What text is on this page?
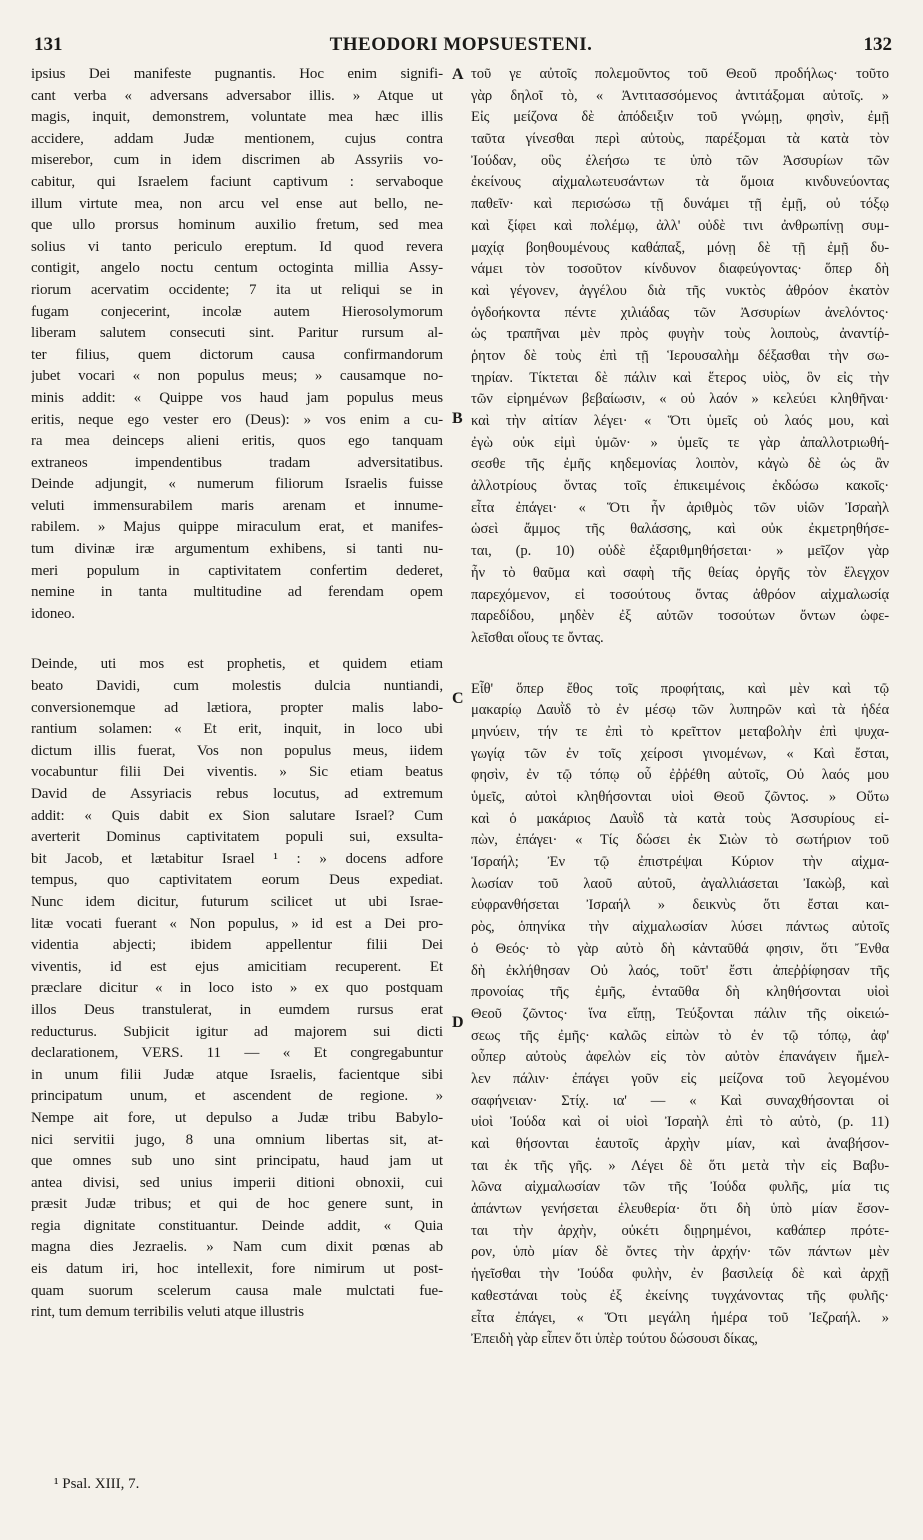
131	THEODORI MOPSUESTENI.	132
ipsius Dei manifeste pugnantis. Hoc enim signifi-
cant verba « adversans adversabor illis. » Atque ut
magis, inquit, demonstrem, voluntate mea hæc illis
accidere, addam Judæ mentionem, cujus contra
miserebor, cum in idem discrimen ab Assyriis vo-
cabitur, qui Israelem faciunt captivum : servaboque
illum virtute mea, non arcu vel ense aut bello, ne-
que ullo prorsus hominum auxilio fretum, sed mea
solius vi tanto periculo ereptum. Id quod revera
contigit, angelo noctu centum octoginta millia Assy-
riorum acervatim occidente; 7 ita ut reliqui se in
fugam conjecerint, incolæ autem Hierosolymorum
liberam salutem consecuti sint. Paritur rursum al-
ter filius, quem dictorum causa confirmandorum
jubet vocari « non populus meus; » causamque no-
minis addit: « Quippe vos haud jam populus meus
eritis, neque ego vester ero (Deus): » vos enim a cu-
ra mea deinceps alieni eritis, quos ego tanquam
extraneos impendentibus tradam adversitatibus.
Deinde adjungit, « numerum filiorum Israelis fuisse
veluti immensurabilem maris arenam et innume-
rabilem. » Majus quippe miraculum erat, et manifes-
tum divinæ iræ argumentum exhibens, si tanti nu-
meri populum in captivitatem confertim dederet,
nemine in tanta multitudine ad ferendam opem
idoneo.
Deinde, uti mos est prophetis, et quidem etiam
beato Davidi, cum molestis dulcia nuntiandi,
conversionemque ad lætiora, propter malis labo-
rantium solamen: « Et erit, inquit, in loco ubi
dictum illis fuerat, Vos non populus meus, iidem
vocabuntur filii Dei viventis. » Sic etiam beatus
David de Assyriacis rebus locutus, ad extremum
addit: « Quis dabit ex Sion salutare Israel? Cum
averterit Dominus captivitatem populi sui, exsulta-
bit Jacob, et lætabitur Israel ¹ : » docens adfore
tempus, quo captivitatem eorum Deus expediat.
Nunc idem dicitur, futurum scilicet ut ubi Israe-
litæ vocati fuerant « Non populus, » id est a Dei pro-
videntia abjecti; ibidem appellentur filii Dei
viventis, id est ejus amicitiam recuperent. Et
præclare dicitur « in loco isto » ex quo postquam
illos Deus transtulerat, in eumdem rursus erat
reducturus. Subjicit igitur ad majorem sui dicti
declarationem, VERS. 11 — « Et congregabuntur
in unum filii Judæ atque Israelis, facientque sibi
principatum unum, et ascendent de regione. »
Nempe ait fore, ut depulso a Judæ tribu Babylo-
nici servitii jugo, 8 una omnium libertas sit, at-
que omnes sub uno sint principatu, haud jam ut
antea divisi, sed unius imperii ditioni obnoxii, cui
præsit Judæ tribus; et qui de hoc genere sunt, in
regia dignitate constituantur. Deinde addit, « Quia
magna dies Jezraelis. » Nam cum dixit pœnas ab
eis datum iri, hoc intellexit, fore nimirum ut post-
quam suorum scelerum causa male mulctati fue-
rint, tum demum terribilis veluti atque illustris
τοῦ γε αὐτοῖς πολεμοῦντος τοῦ Θεοῦ προδήλως· τοῦτο
γὰρ δηλοῖ τὸ, « Ἀντιτασσόμενος ἀντιτάξομαι αὐτοῖς. »
Εἰς μείζονα δὲ ἀπόδειξιν τοῦ γνώμῃ, φησὶν, ἐμῇ
ταῦτα γίνεσθαι περὶ αὐτοὺς, παρέξομαι τὰ κατὰ τὸν
Ἰούδαν, οὓς ἐλεήσω τε ὑπὸ τῶν Ἀσσυρίων τῶν
ἐκείνους αἰχμαλωτευσάντων τὰ ὅμοια κινδυνεύοντας
παθεῖν· καὶ περισώσω τῇ δυνάμει τῇ ἐμῇ, οὐ τόξῳ
καὶ ξίφει καὶ πολέμῳ, ἀλλ' οὐδὲ τινι ἀνθρωπίνῃ συμ-
μαχίᾳ βοηθουμένους καθάπαξ, μόνῃ δὲ τῇ ἐμῇ δυ-
νάμει τὸν τοσοῦτον κίνδυνον διαφεύγοντας· ὅπερ δὴ
καὶ γέγονεν, ἀγγέλου διὰ τῆς νυκτὸς ἀθρόον ἑκατὸν
ὀγδοήκοντα πέντε χιλιάδας τῶν Ἀσσυρίων ἀνελόντος·
ὡς τραπῆναι μὲν πρὸς φυγὴν τοὺς λοιποὺς, ἀναντίῤ-
ῥητον δὲ τοὺς ἐπὶ τῇ Ἱερουσαλὴμ δέξασθαι τὴν σω-
τηρίαν. Τίκτεται δὲ πάλιν καὶ ἕτερος υἱὸς, ὃν εἰς τὴν
τῶν εἰρημένων βεβαίωσιν, « οὐ λαόν » κελεύει κληθῆναι·
καὶ τὴν αἰτίαν λέγει· « Ὅτι ὑμεῖς οὐ λαός μου, καὶ
ἐγὼ οὐκ εἰμὶ ὑμῶν· » ὑμεῖς τε γὰρ ἀπαλλοτριωθή-
σεσθε τῆς ἐμῆς κηδεμονίας λοιπὸν, κἀγὼ δὲ ὡς ἂν
ἀλλοτρίους ὄντας τοῖς ἐπικειμένοις ἐκδώσω κακοῖς·
εἶτα ἐπάγει· « Ὅτι ἦν ἀριθμὸς τῶν υἱῶν Ἰσραὴλ
ὡσεὶ ἄμμος τῆς θαλάσσης, καὶ οὐκ ἐκμετρηθήσε-
ται, (p. 10) οὐδὲ ἐξαριθμηθήσεται· » μεῖζον γὰρ
ἦν τὸ θαῦμα καὶ σαφὴ τῆς θείας ὀργῆς τὸν ἔλεγχον
παρεχόμενον, εἰ τοσούτους ὄντας ἀθρόον αἰχμαλωσίᾳ
παρεδίδου, μηδὲν ἐξ αὐτῶν τοσούτων ὄντων ὠφε-
λεῖσθαι οἵους τε ὄντας.
Εἶθ' ὅπερ ἔθος τοῖς προφήταις, καὶ μὲν καὶ τῷ
μακαρίῳ Δαυῒδ τὸ ἐν μέσῳ τῶν λυπηρῶν καὶ τὰ ἡδέα
μηνύειν, τήν τε ἐπὶ τὸ κρεῖττον μεταβολὴν ἐπὶ ψυχα-
γωγίᾳ τῶν ἐν τοῖς χείροσι γινομένων, « Καὶ ἔσται,
φησὶν, ἐν τῷ τόπῳ οὗ ἐῤῥέθη αὐτοῖς, Οὐ λαός μου
ὑμεῖς, αὐτοὶ κληθήσονται υἱοὶ Θεοῦ ζῶντος. » Οὕτω
καὶ ὁ μακάριος Δαυῒδ τὰ κατὰ τοὺς Ἀσσυρίους εἰ-
πὼν, ἐπάγει· « Τίς δώσει ἐκ Σιὼν τὸ σωτήριον τοῦ
Ἰσραήλ; Ἐν τῷ ἐπιστρέψαι Κύριον τὴν αἰχμα-
λωσίαν τοῦ λαοῦ αὐτοῦ, ἀγαλλιάσεται Ἰακὼβ, καὶ
εὐφρανθήσεται Ἰσραήλ » δεικνὺς ὅτι ἔσται και-
ρὸς, ὁπηνίκα τὴν αἰχμαλωσίαν λύσει πάντως αὐτοῖς
ὁ Θεός· τὸ γὰρ αὐτὸ δὴ κἀνταῦθά φησιν, ὅτι Ἔνθα
δὴ ἐκλήθησαν Οὐ λαός, τοῦτ' ἔστι ἀπεῤῥίφησαν τῆς
προνοίας τῆς ἐμῆς, ἐνταῦθα δὴ κληθήσονται υἱοὶ
Θεοῦ ζῶντος· ἵνα εἴπῃ, Τεύξονται πάλιν τῆς οἰκειώ-
σεως τῆς ἐμῆς· καλῶς εἰπὼν τὸ ἐν τῷ τόπῳ, ἀφ'
οὗπερ αὐτοὺς ἀφελὼν εἰς τὸν αὐτὸν ἐπανάγειν ἤμελ-
λεν πάλιν· ἐπάγει γοῦν εἰς μείζονα τοῦ λεγομένου
σαφήνειαν· Στίχ. ια' — « Καὶ συναχθήσονται οἱ
υἱοὶ Ἰούδα καὶ οἱ υἱοὶ Ἰσραὴλ ἐπὶ τὸ αὐτὸ, (p. 11)
καὶ θήσονται ἑαυτοῖς ἀρχὴν μίαν, καὶ ἀναβήσον-
ται ἐκ τῆς γῆς. » Λέγει δὲ ὅτι μετὰ τὴν εἰς Βαβυ-
λῶνα αἰχμαλωσίαν τῶν τῆς Ἰούδα φυλῆς, μία τις
ἁπάντων γενήσεται ἐλευθερία· ὅτι δὴ ὑπὸ μίαν ἔσον-
ται τὴν ἀρχὴν, οὐκέτι διῃρημένοι, καθάπερ πρότε-
ρον, ὑπὸ μίαν δὲ ὄντες τὴν ἀρχήν· τῶν πάντων μὲν
ἡγεῖσθαι τὴν Ἰούδα φυλὴν, ἐν βασιλείᾳ δὲ καὶ ἀρχῇ
καθεστάναι τοὺς ἐξ ἐκείνης τυγχάνοντας τῆς φυλῆς·
εἶτα ἐπάγει, « Ὅτι μεγάλη ἡμέρα τοῦ Ἰεζραήλ. »
Ἐπειδὴ γὰρ εἶπεν ὅτι ὑπὲρ τούτου δώσουσι δίκας,
A
B
C
D
¹ Psal. XIII, 7.
